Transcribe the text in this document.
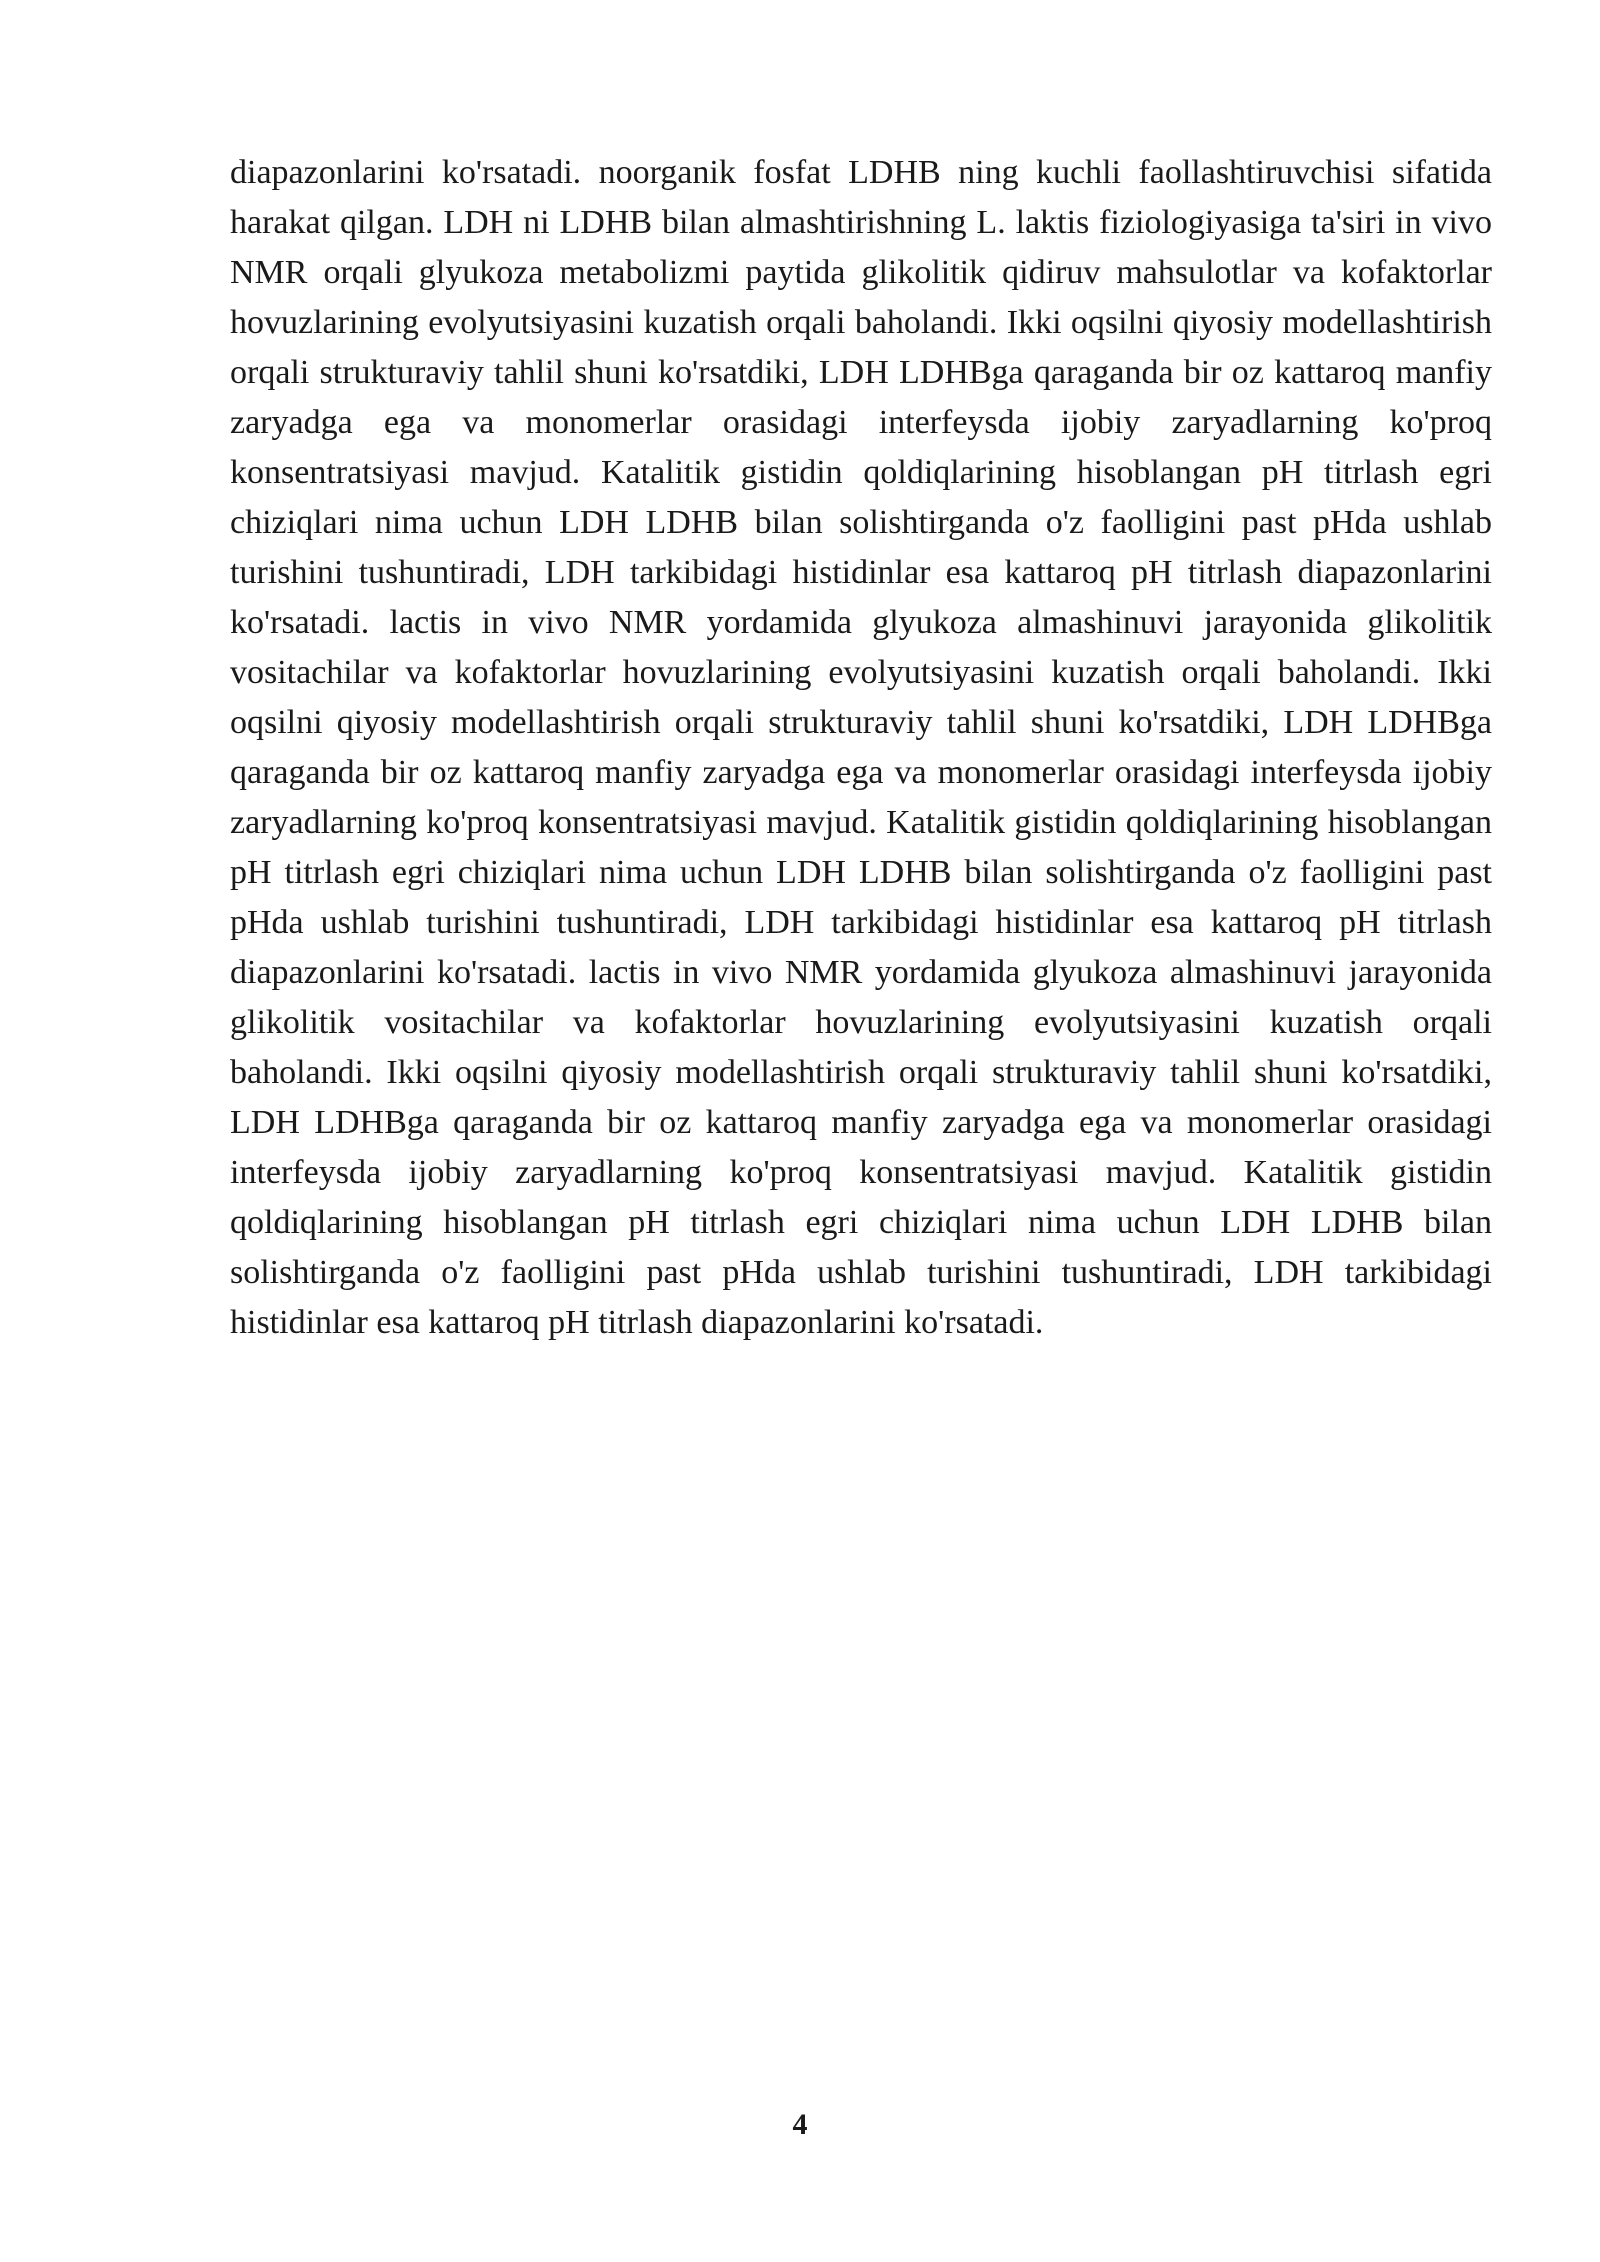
diapazonlarini ko'rsatadi. noorganik fosfat LDHB ning kuchli faollashtiruvchisi sifatida harakat qilgan. LDH ni LDHB bilan almashtirishning L. laktis fiziologiyasiga ta'siri in vivo NMR orqali glyukoza metabolizmi paytida glikolitik qidiruv mahsulotlar va kofaktorlar hovuzlarining evolyutsiyasini kuzatish orqali baholandi. Ikki oqsilni qiyosiy modellashtirish orqali strukturaviy tahlil shuni ko'rsatdiki, LDH LDHBga qaraganda bir oz kattaroq manfiy zaryadga ega va monomerlar orasidagi interfeysda ijobiy zaryadlarning ko'proq konsentratsiyasi mavjud. Katalitik gistidin qoldiqlarining hisoblangan pH titrlash egri chiziqlari nima uchun LDH LDHB bilan solishtirganda o'z faolligini past pHda ushlab turishini tushuntiradi, LDH tarkibidagi histidinlar esa kattaroq pH titrlash diapazonlarini ko'rsatadi. lactis in vivo NMR yordamida glyukoza almashinuvi jarayonida glikolitik vositachilar va kofaktorlar hovuzlarining evolyutsiyasini kuzatish orqali baholandi. Ikki oqsilni qiyosiy modellashtirish orqali strukturaviy tahlil shuni ko'rsatdiki, LDH LDHBga qaraganda bir oz kattaroq manfiy zaryadga ega va monomerlar orasidagi interfeysda ijobiy zaryadlarning ko'proq konsentratsiyasi mavjud. Katalitik gistidin qoldiqlarining hisoblangan pH titrlash egri chiziqlari nima uchun LDH LDHB bilan solishtirganda o'z faolligini past pHda ushlab turishini tushuntiradi, LDH tarkibidagi histidinlar esa kattaroq pH titrlash diapazonlarini ko'rsatadi. lactis in vivo NMR yordamida glyukoza almashinuvi jarayonida glikolitik vositachilar va kofaktorlar hovuzlarining evolyutsiyasini kuzatish orqali baholandi. Ikki oqsilni qiyosiy modellashtirish orqali strukturaviy tahlil shuni ko'rsatdiki, LDH LDHBga qaraganda bir oz kattaroq manfiy zaryadga ega va monomerlar orasidagi interfeysda ijobiy zaryadlarning ko'proq konsentratsiyasi mavjud. Katalitik gistidin qoldiqlarining hisoblangan pH titrlash egri chiziqlari nima uchun LDH LDHB bilan solishtirganda o'z faolligini past pHda ushlab turishini tushuntiradi, LDH tarkibidagi histidinlar esa kattaroq pH titrlash diapazonlarini ko'rsatadi.

4
